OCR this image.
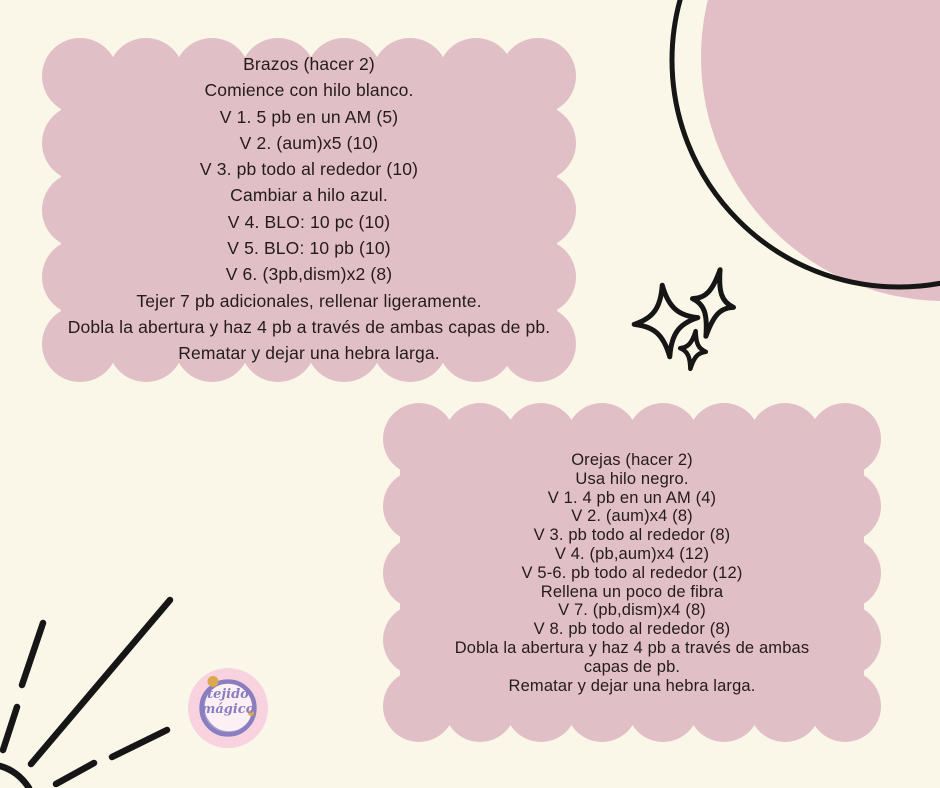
Brazos (hacer 2)
Comience con hilo blanco.
V 1. 5 pb en un AM (5)
V 2. (aum)x5 (10)
V 3. pb todo al rededor (10)
Cambiar a hilo azul.
V 4. BLO: 10 pc (10)
V 5. BLO: 10 pb (10)
V 6. (3pb,dism)x2 (8)
Tejer 7 pb adicionales, rellenar ligeramente.
Dobla la abertura y haz 4 pb a través de ambas capas de pb.
Rematar y dejar una hebra larga.
Orejas (hacer 2)
Usa hilo negro.
V 1. 4 pb en un AM (4)
V 2. (aum)x4 (8)
V 3. pb todo al rededor (8)
V 4. (pb,aum)x4 (12)
V 5-6. pb todo al rededor (12)
Rellena un poco de fibra
V 7. (pb,dism)x4 (8)
V 8. pb todo al rededor (8)
Dobla la abertura y haz 4 pb a través de ambas
capas de pb.
Rematar y dejar una hebra larga.
tejido
mágico
